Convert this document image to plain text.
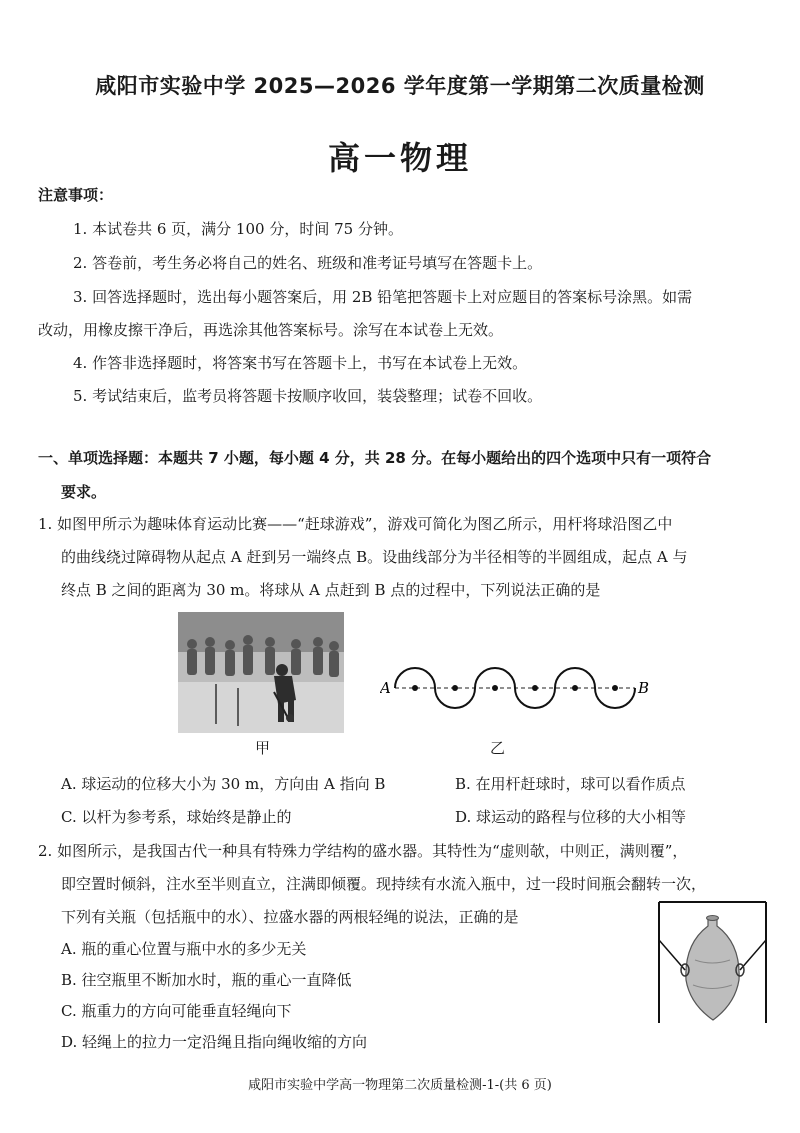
咸阳市实验中学 2025—2026 学年度第一学期第二次质量检测
高一物理
注意事项：
1. 本试卷共 6 页，满分 100 分，时间 75 分钟。
2. 答卷前，考生务必将自己的姓名、班级和准考证号填写在答题卡上。
3. 回答选择题时，选出每小题答案后，用 2B 铅笔把答题卡上对应题目的答案标号涂黑。如需
改动，用橡皮擦干净后，再选涂其他答案标号。涂写在本试卷上无效。
4. 作答非选择题时，将答案书写在答题卡上，书写在本试卷上无效。
5. 考试结束后，监考员将答题卡按顺序收回，装袋整理；试卷不回收。
一、单项选择题：本题共 7 小题，每小题 4 分，共 28 分。在每小题给出的四个选项中只有一项符合
要求。
1. 如图甲所示为趣味体育运动比赛——“赶球游戏”，游戏可简化为图乙所示，用杆将球沿图乙中
的曲线绕过障碍物从起点 A 赶到另一端终点 B。设曲线部分为半径相等的半圆组成，起点 A 与
终点 B 之间的距离为 30 m。将球从 A 点赶到 B 点的过程中，下列说法正确的是
甲
A	B
乙
A. 球运动的位移大小为 30 m，方向由 A 指向 B	B. 在用杆赶球时，球可以看作质点
C. 以杆为参考系，球始终是静止的	D. 球运动的路程与位移的大小相等
2. 如图所示，是我国古代一种具有特殊力学结构的盛水器。其特性为“虚则欹，中则正，满则覆”，
即空置时倾斜，注水至半则直立，注满即倾覆。现持续有水流入瓶中，过一段时间瓶会翻转一次，
下列有关瓶（包括瓶中的水）、拉盛水器的两根轻绳的说法，正确的是
A. 瓶的重心位置与瓶中水的多少无关
B. 往空瓶里不断加水时，瓶的重心一直降低
C. 瓶重力的方向可能垂直轻绳向下
D. 轻绳上的拉力一定沿绳且指向绳收缩的方向
咸阳市实验中学高一物理第二次质量检测-1-(共 6 页)
